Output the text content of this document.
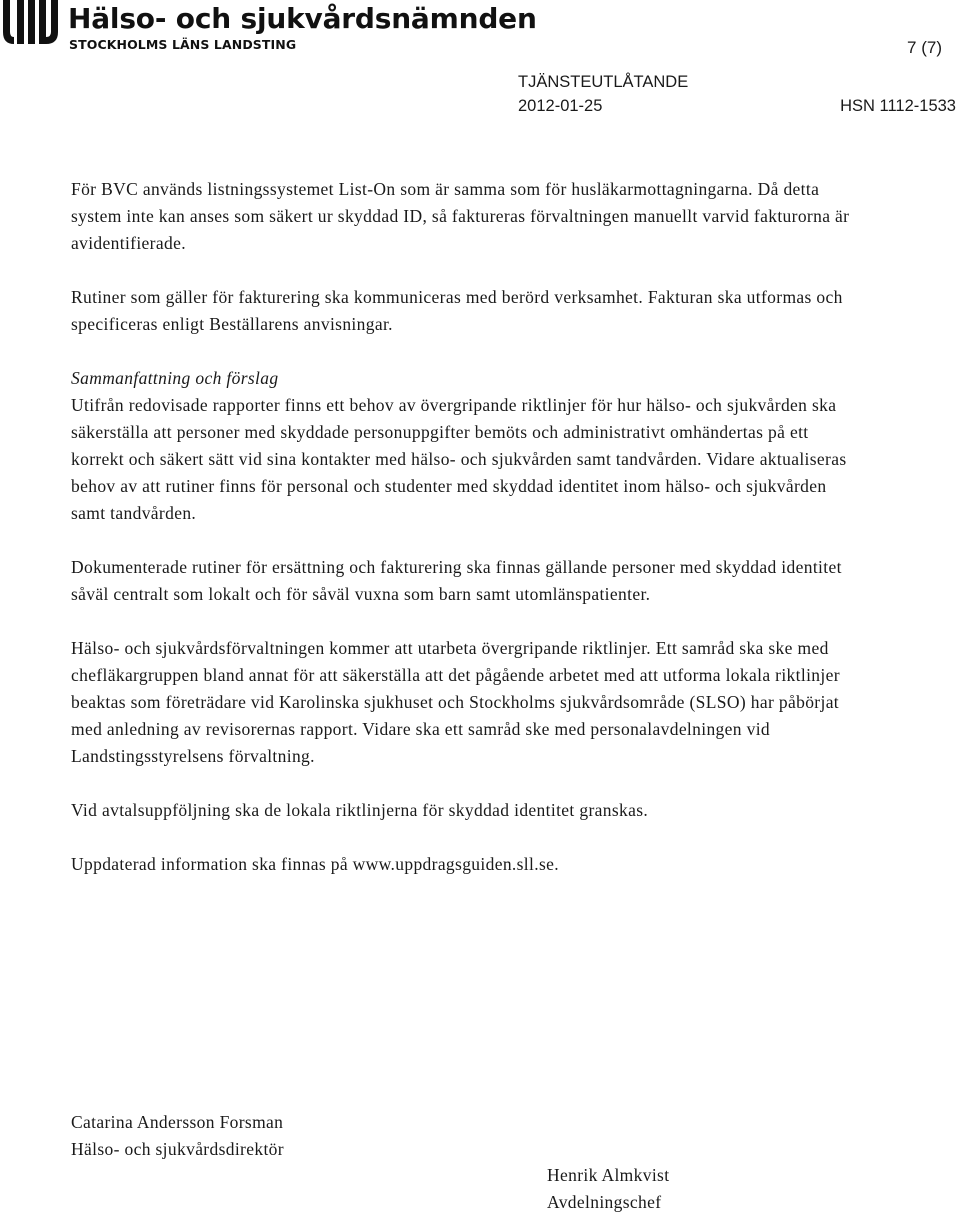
Hälso- och sjukvårdsnämnden
STOCKHOLMS LÄNS LANDSTING	7 (7)
TJÄNSTEUTLÅTANDE
2012-01-25	HSN 1112-1533

För BVC används listningssystemet List-On som är samma som för husläkarmottagningarna. Då detta system inte kan anses som säkert ur skyddad ID, så faktureras förvaltningen manuellt varvid fakturorna är avidentifierade.

Rutiner som gäller för fakturering ska kommuniceras med berörd verksamhet. Fakturan ska utformas och specificeras enligt Beställarens anvisningar.

Sammanfattning och förslag

Utifrån redovisade rapporter finns ett behov av övergripande riktlinjer för hur hälso- och sjukvården ska säkerställa att personer med skyddade personuppgifter bemöts och administrativt omhändertas på ett korrekt och säkert sätt vid sina kontakter med hälso- och sjukvården samt tandvården. Vidare aktualiseras behov av att rutiner finns för personal och studenter med skyddad identitet inom hälso- och sjukvården samt tandvården.

Dokumenterade rutiner för ersättning och fakturering ska finnas gällande personer med skyddad identitet såväl centralt som lokalt och för såväl vuxna som barn samt utomlänspatienter.

Hälso- och sjukvårdsförvaltningen kommer att utarbeta övergripande riktlinjer. Ett samråd ska ske med chefläkargruppen bland annat för att säkerställa att det pågående arbetet med att utforma lokala riktlinjer beaktas som företrädare vid Karolinska sjukhuset och Stockholms sjukvårdsområde (SLSO) har påbörjat med anledning av revisorernas rapport. Vidare ska ett samråd ske med personalavdelningen vid Landstingsstyrelsens förvaltning.

Vid avtalsuppföljning ska de lokala riktlinjerna för skyddad identitet granskas.

Uppdaterad information ska finnas på www.uppdragsguiden.sll.se.

Catarina Andersson Forsman
Hälso- och sjukvårdsdirektör
Henrik Almkvist
Avdelningschef
